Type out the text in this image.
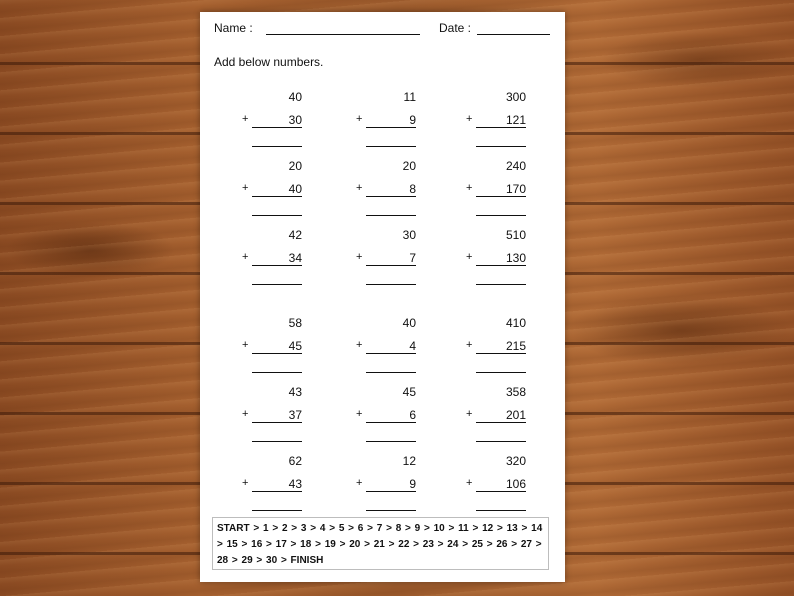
Name :	Date :
Add below numbers.
40
+	30
11
+	9
300
+	121
20
+	40
20
+	8
240
+	170
42
+	34
30
+	7
510
+	130
58
+	45
40
+	4
410
+	215
43
+	37
45
+	6
358
+	201
62
+	43
12
+	9
320
+	106
START > 1 > 2 > 3 > 4 > 5 > 6 > 7 > 8 > 9 > 10 > 11 > 12 > 13 > 14
> 15 > 16 > 17 > 18 > 19 > 20 > 21 > 22 > 23 > 24 > 25 > 26 > 27 >
28 > 29 > 30 > FINISH
